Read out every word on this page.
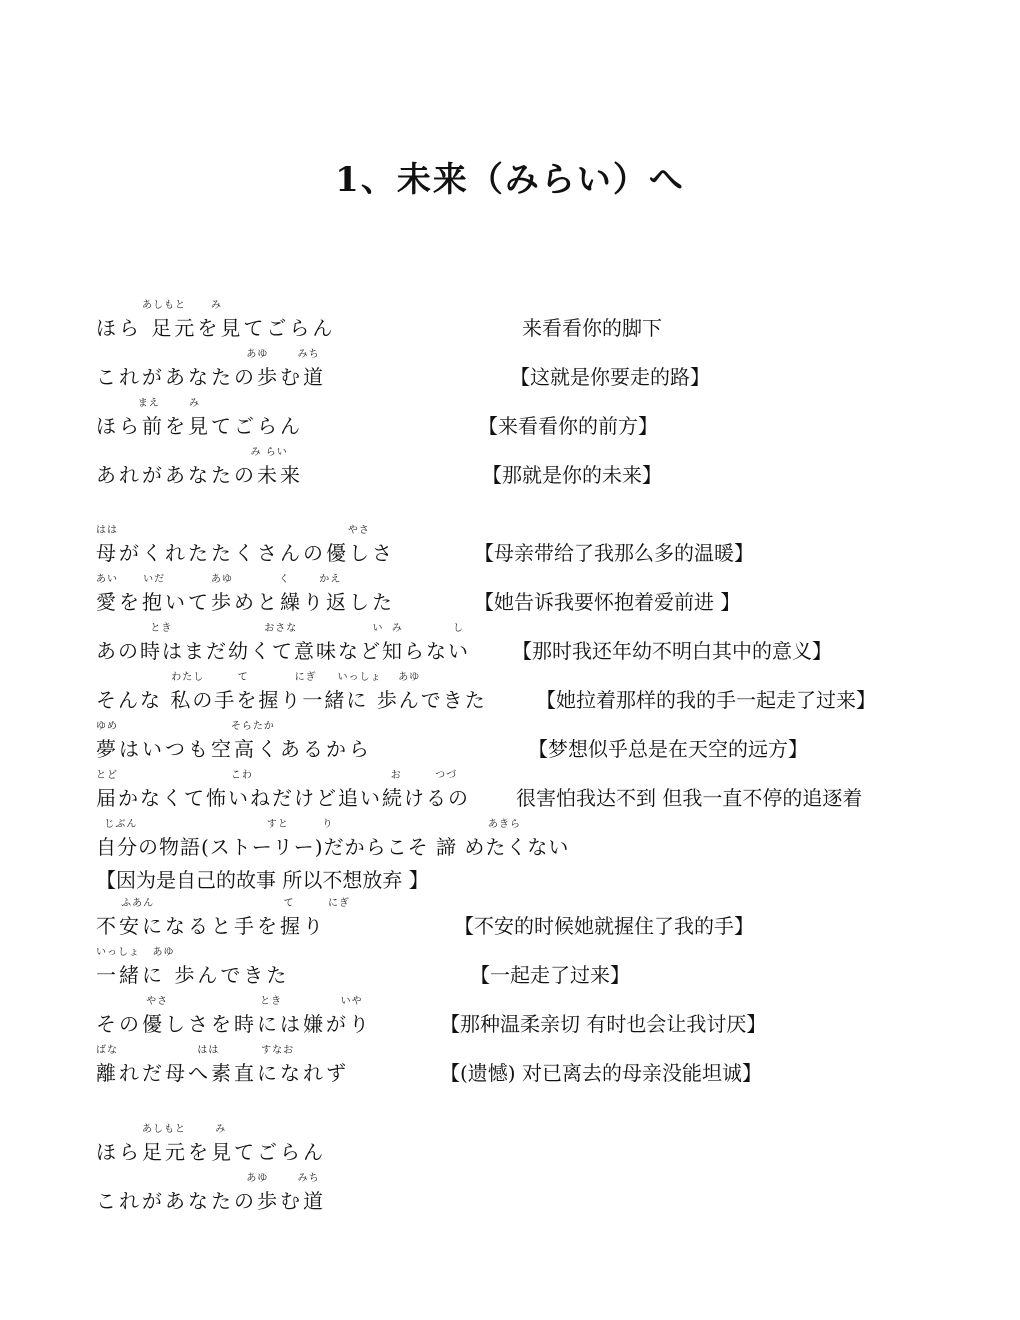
1、未来（みらい）へ
あしもと      み
ほら 足元を見てごらん	来看看你的脚下
あゆ       みち
これがあなたの歩む道	【这就是你要走的路】
まえ       み
ほら前を見てごらん	【来看看你的前方】
み らい
あれがあなたの未来	【那就是你的未来】
はは                                                       やさ
母がくれたたくさんの優しさ	【母亲带给了我那么多的温暖】
あい      いだ           あゆ           く       かえ
愛を抱いて歩めと繰り返した	【她告诉我要怀抱着爱前进 】
とき                      おさな                  い  み            し
あの時はまだ幼くて意味など知らない 【那时我还年幼不明白其中的意义】
わたし        て           にぎ     いっしょ    あゆ
そんな 私の手を握り一緒に 歩んできた 【她拉着那样的我的手一起走了过来】
ゆめ                           そらたか
夢はいつも空高くあるから	【梦想似乎总是在天空的远方】
とど                           こわ                                 お        つづ
届かなくて怖いねだけど追い続けるの 很害怕我达不到 但我一直不停的追逐着
じぶん                               すと        り                                     あきら
自分の物語(ストーリー)だからこそ 諦 めたくない
【因为是自己的故事 所以不想放弃 】
ふあん                               て        にぎ
不安になると手を握り	【不安的时候她就握住了我的手】
いっしょ   あゆ
一緒に 歩んできた	【一起走了过来】
やさ                      とき              いや
その優しさを時には嫌がり	【那种温柔亲切 有时也会让我讨厌】
ばな                   はは          すなお
離れだ母へ素直になれず	【(遗憾) 对已离去的母亲没能坦诚】
あしもと       み
ほら足元を見てごらん
あゆ       みち
これがあなたの歩む道
